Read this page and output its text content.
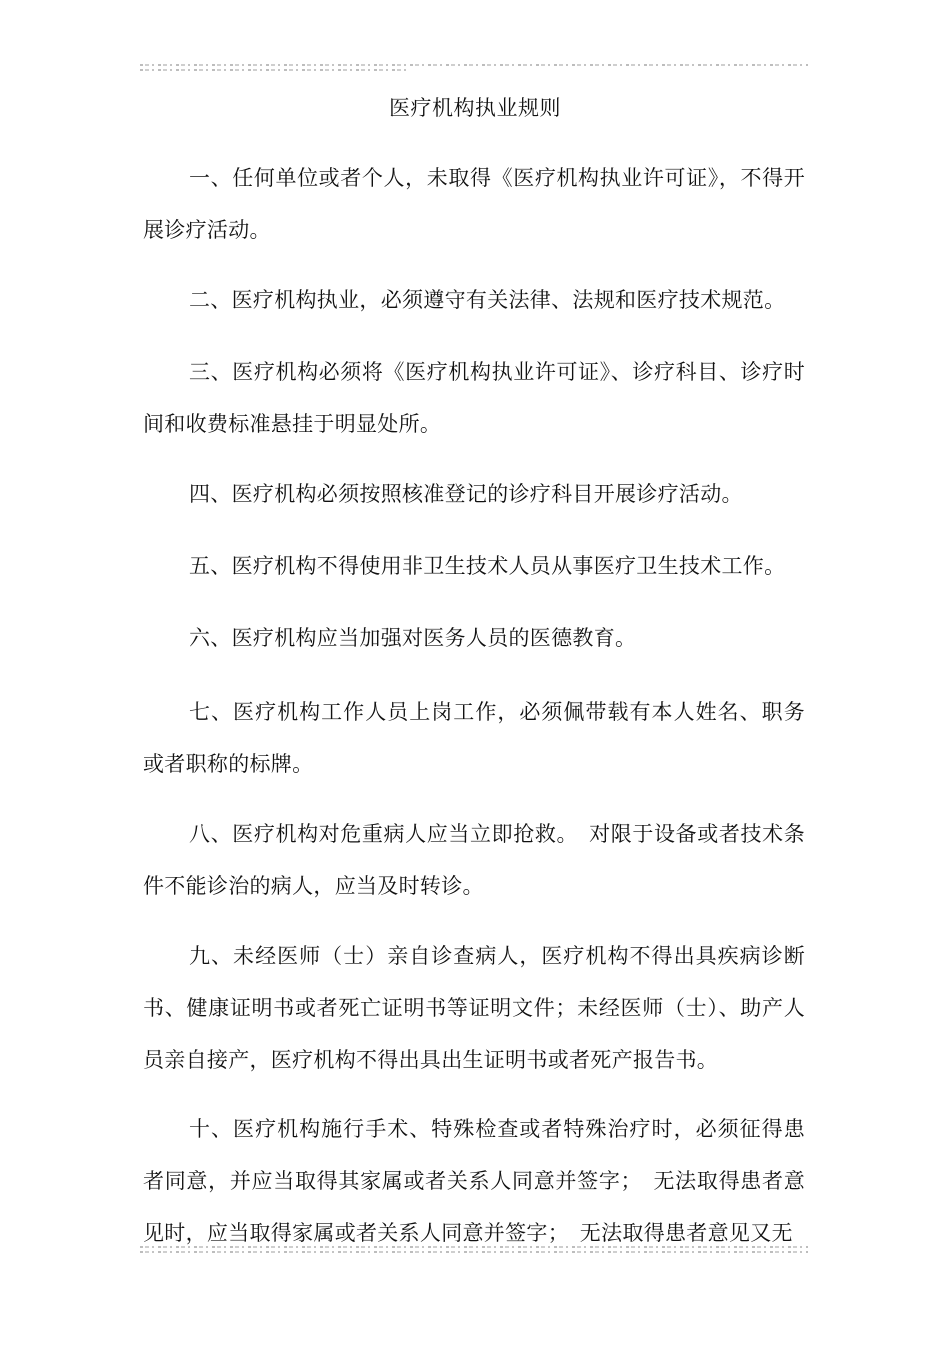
医疗机构执业规则

一、任何单位或者个人，未取得《医疗机构执业许可证》，不得开展诊疗活动。

二、医疗机构执业，必须遵守有关法律、法规和医疗技术规范。

三、医疗机构必须将《医疗机构执业许可证》、诊疗科目、诊疗时间和收费标准悬挂于明显处所。

四、医疗机构必须按照核准登记的诊疗科目开展诊疗活动。

五、医疗机构不得使用非卫生技术人员从事医疗卫生技术工作。

六、医疗机构应当加强对医务人员的医德教育。

七、医疗机构工作人员上岗工作，必须佩带载有本人姓名、职务或者职称的标牌。

八、医疗机构对危重病人应当立即抢救。　对限于设备或者技术条件不能诊治的病人，应当及时转诊。

九、未经医师（士）亲自诊查病人，医疗机构不得出具疾病诊断书、健康证明书或者死亡证明书等证明文件；未经医师（士）、助产人员亲自接产，医疗机构不得出具出生证明书或者死产报告书。

十、医疗机构施行手术、特殊检查或者特殊治疗时，必须征得患者同意，并应当取得其家属或者关系人同意并签字；　无法取得患者意见时，应当取得家属或者关系人同意并签字；　无法取得患者意见又无
